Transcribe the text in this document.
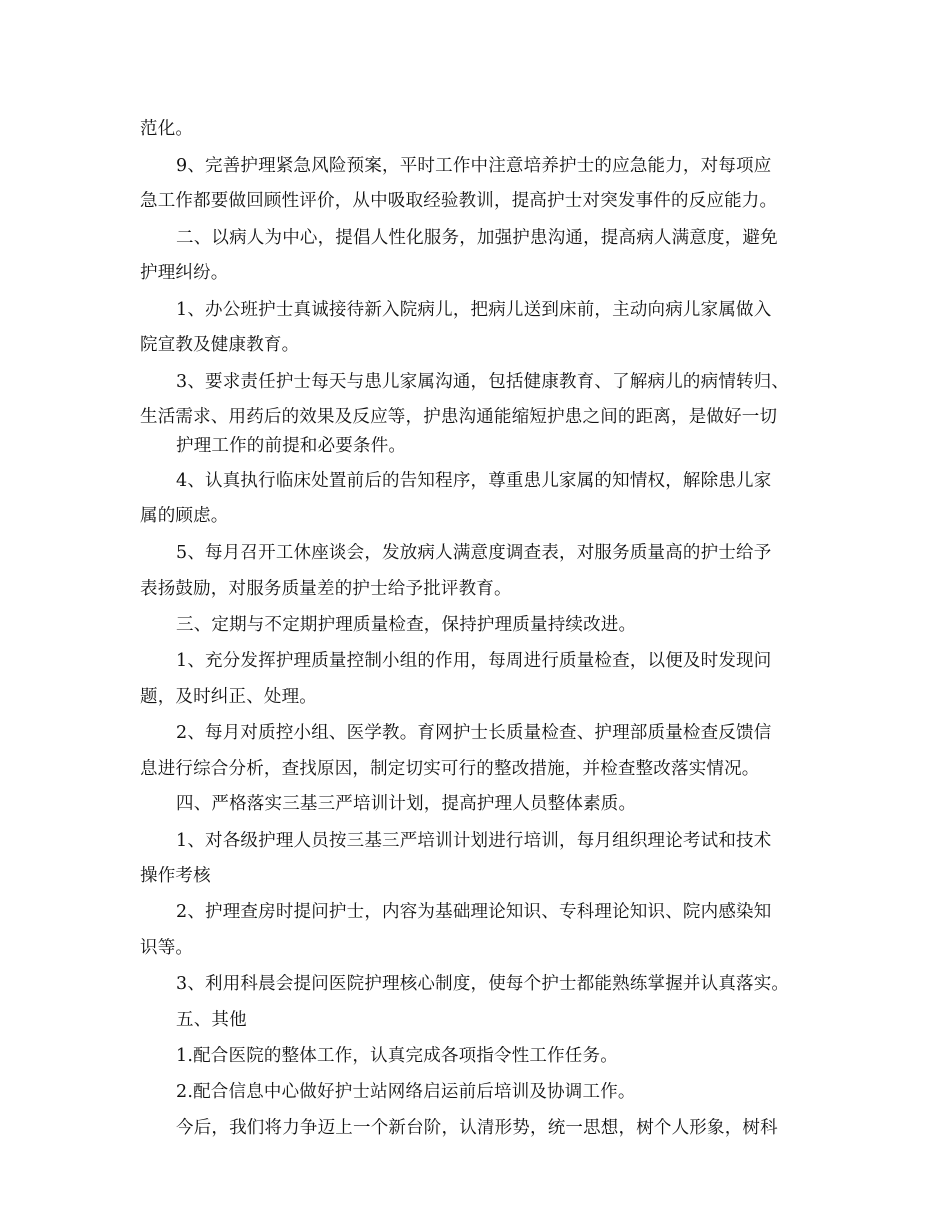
范化。
9、完善护理紧急风险预案，平时工作中注意培养护士的应急能力，对每项应
急工作都要做回顾性评价，从中吸取经验教训，提高护士对突发事件的反应能力。
二、以病人为中心，提倡人性化服务，加强护患沟通，提高病人满意度，避免
护理纠纷。
1、办公班护士真诚接待新入院病儿，把病儿送到床前，主动向病儿家属做入
院宣教及健康教育。
3、要求责任护士每天与患儿家属沟通，包括健康教育、了解病儿的病情转归、
生活需求、用药后的效果及反应等，护患沟通能缩短护患之间的距离，是做好一切
护理工作的前提和必要条件。
4、认真执行临床处置前后的告知程序，尊重患儿家属的知情权，解除患儿家
属的顾虑。
5、每月召开工休座谈会，发放病人满意度调查表，对服务质量高的护士给予
表扬鼓励，对服务质量差的护士给予批评教育。
三、定期与不定期护理质量检查，保持护理质量持续改进。
1、充分发挥护理质量控制小组的作用，每周进行质量检查，以便及时发现问
题，及时纠正、处理。
2、每月对质控小组、医学教。育网护士长质量检查、护理部质量检查反馈信
息进行综合分析，查找原因，制定切实可行的整改措施，并检查整改落实情况。
四、严格落实三基三严培训计划，提高护理人员整体素质。
1、对各级护理人员按三基三严培训计划进行培训，每月组织理论考试和技术
操作考核
2、护理查房时提问护士，内容为基础理论知识、专科理论知识、院内感染知
识等。
3、利用科晨会提问医院护理核心制度，使每个护士都能熟练掌握并认真落实。
五、其他
1.配合医院的整体工作，认真完成各项指令性工作任务。
2.配合信息中心做好护士站网络启运前后培训及协调工作。
今后，我们将力争迈上一个新台阶，认清形势，统一思想，树个人形象，树科
